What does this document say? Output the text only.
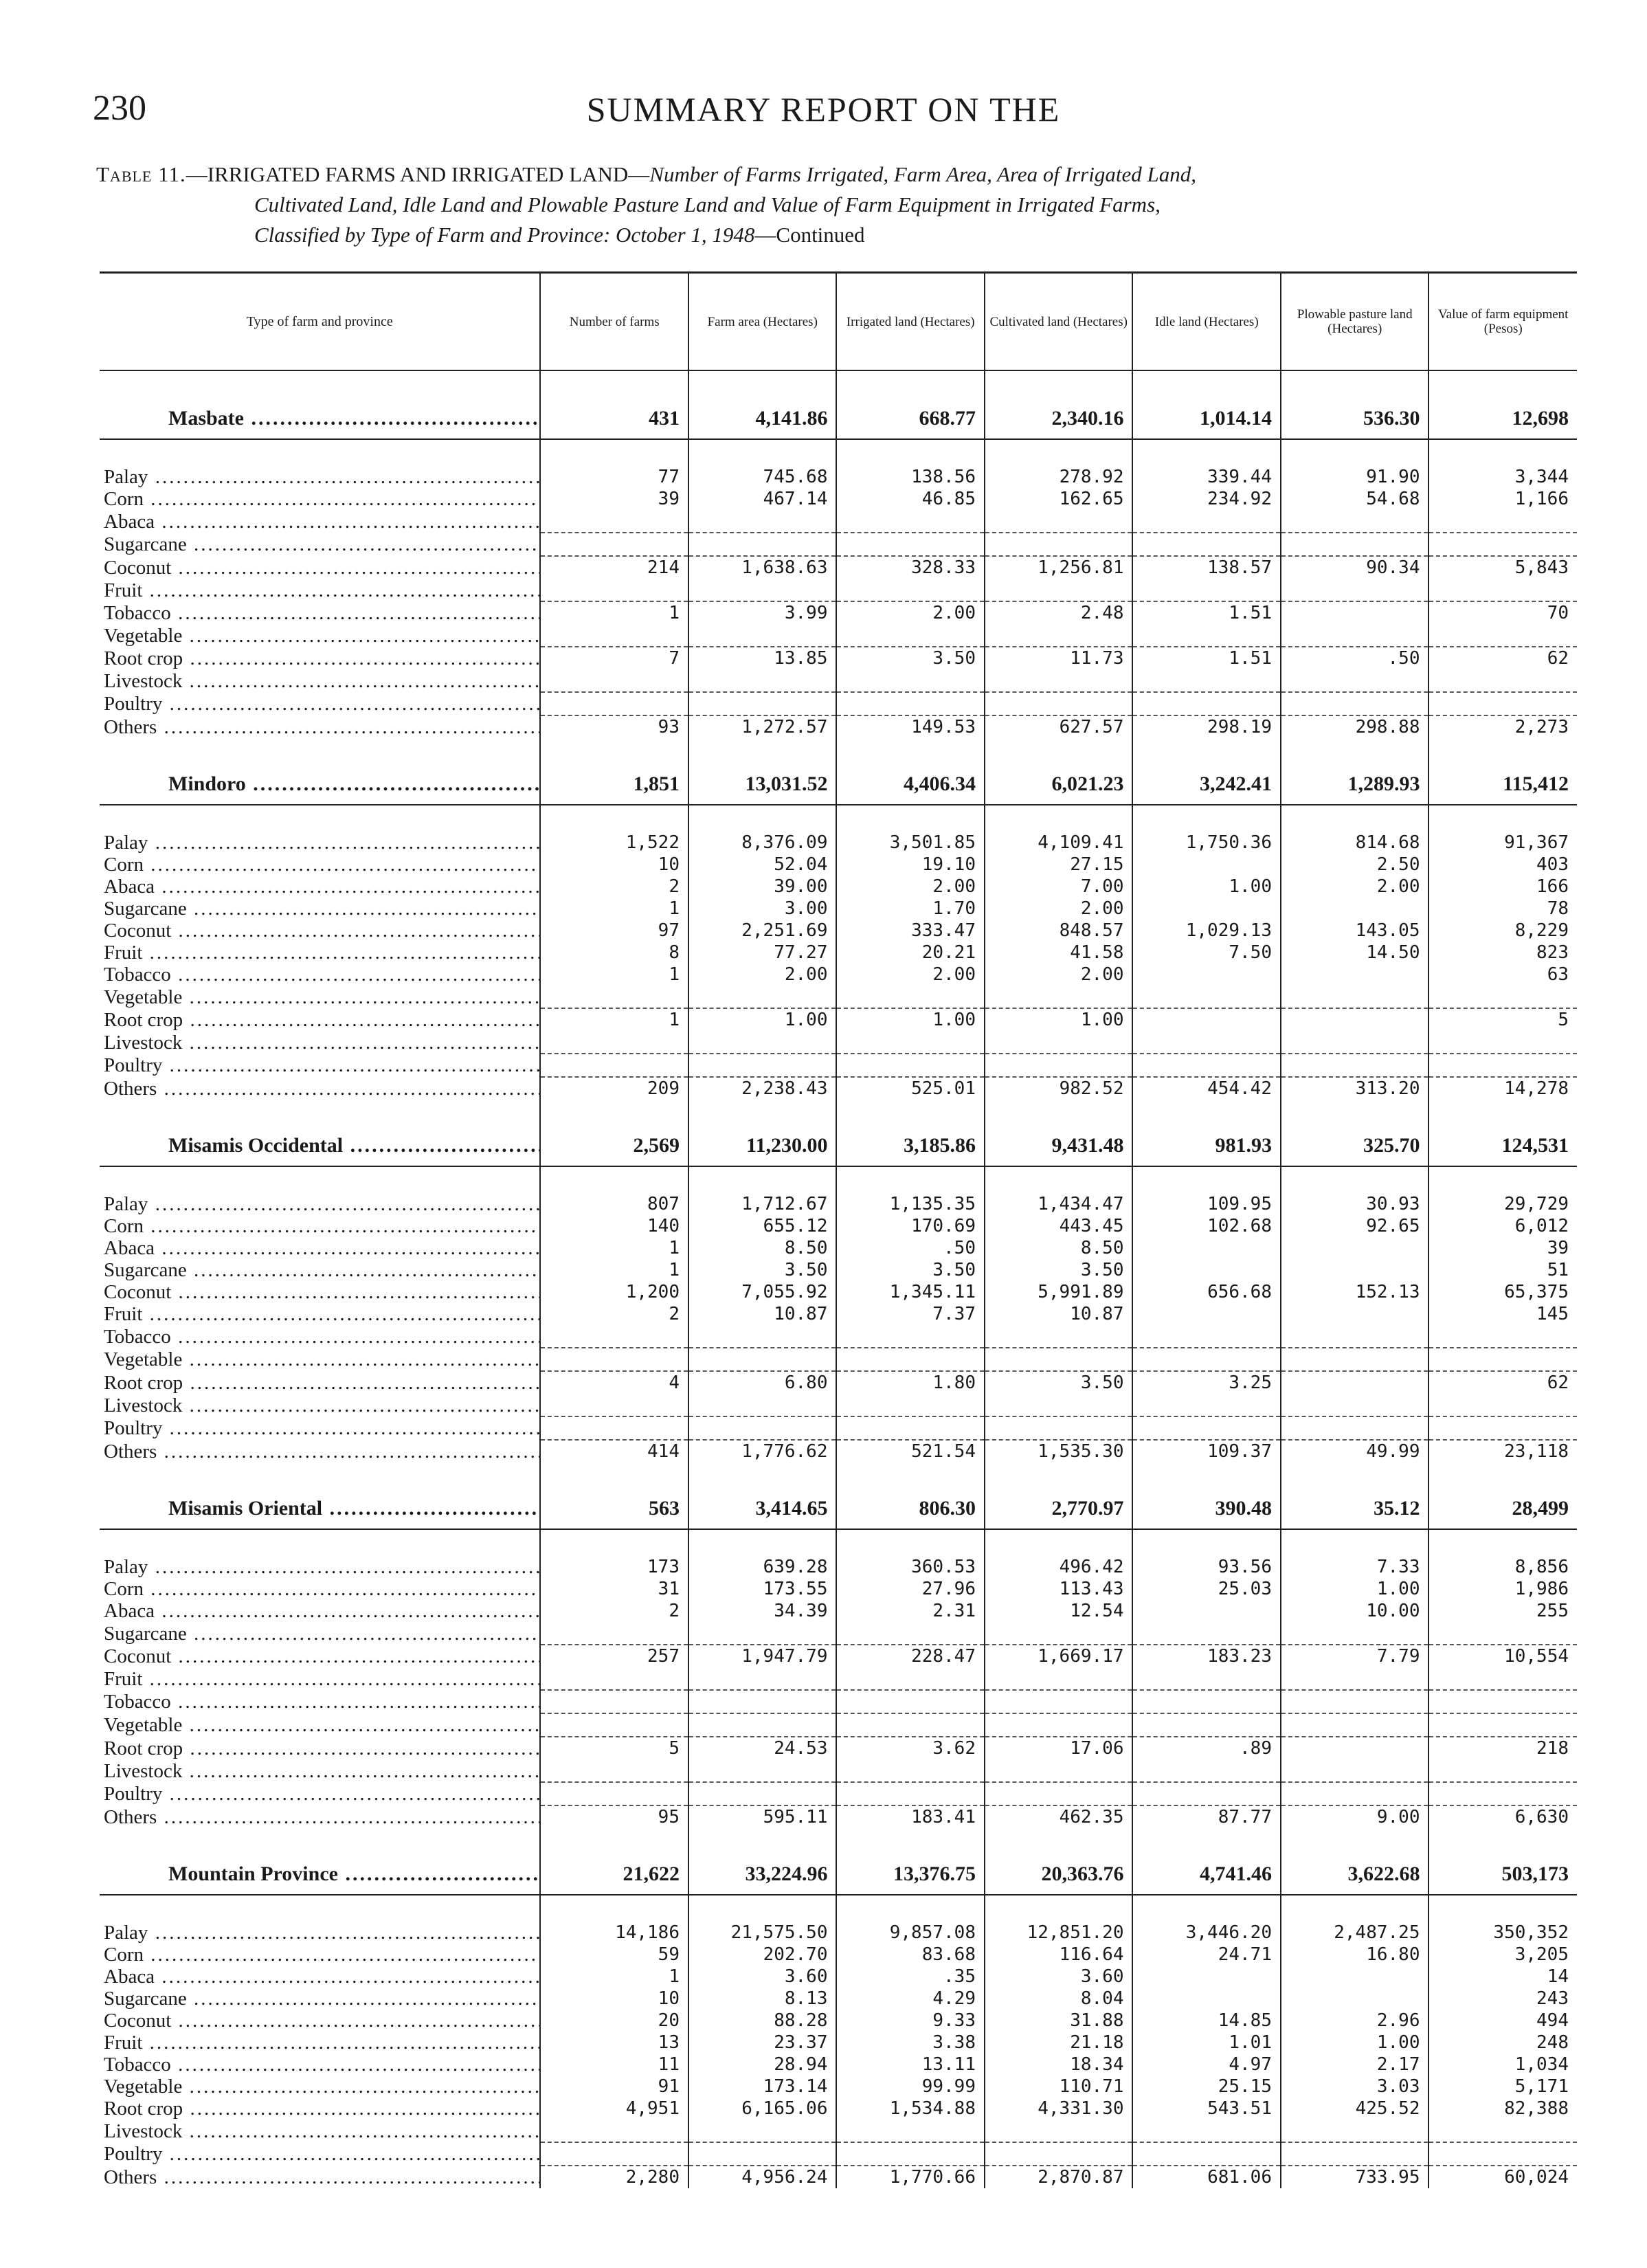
230	SUMMARY REPORT ON THE
Table 11.—IRRIGATED FARMS AND IRRIGATED LAND—Number of Farms Irrigated, Farm Area, Area of Irrigated Land,
Cultivated Land, Idle Land and Plowable Pasture Land and Value of Farm Equipment in Irrigated Farms,
Classified by Type of Farm and Province: October 1, 1948—Continued
Type of farm and province	Number of farms	Farm area (Hectares)	Irrigated land (Hectares)	Cultivated land (Hectares)	Idle land (Hectares)	Plowable pasture land (Hectares)	Value of farm equipment (Pesos)

Masbate .....	431	4,141.86	668.77	2,340.16	1,014.14	536.30	12,698

Palay .....	77	745.68	138.56	278.92	339.44	91.90	3,344
Corn .....	39	467.14	46.85	162.65	234.92	54.68	1,166
Abaca .....							
Sugarcane .....							
Coconut .....	214	1,638.63	328.33	1,256.81	138.57	90.34	5,843
Fruit .....							
Tobacco .....	1	3.99	2.00	2.48	1.51		70
Vegetable .....							
Root crop .....	7	13.85	3.50	11.73	1.51	.50	62
Livestock .....							
Poultry .....							
Others .....	93	1,272.57	149.53	627.57	298.19	298.88	2,273

Mindoro .....	1,851	13,031.52	4,406.34	6,021.23	3,242.41	1,289.93	115,412

Palay .....	1,522	8,376.09	3,501.85	4,109.41	1,750.36	814.68	91,367
Corn .....	10	52.04	19.10	27.15		2.50	403
Abaca .....	2	39.00	2.00	7.00	1.00	2.00	166
Sugarcane .....	1	3.00	1.70	2.00			78
Coconut .....	97	2,251.69	333.47	848.57	1,029.13	143.05	8,229
Fruit .....	8	77.27	20.21	41.58	7.50	14.50	823
Tobacco .....	1	2.00	2.00	2.00			63
Vegetable .....							
Root crop .....	1	1.00	1.00	1.00			5
Livestock .....							
Poultry .....							
Others .....	209	2,238.43	525.01	982.52	454.42	313.20	14,278

Misamis Occidental .....	2,569	11,230.00	3,185.86	9,431.48	981.93	325.70	124,531

Palay .....	807	1,712.67	1,135.35	1,434.47	109.95	30.93	29,729
Corn .....	140	655.12	170.69	443.45	102.68	92.65	6,012
Abaca .....	1	8.50	.50	8.50			39
Sugarcane .....	1	3.50	3.50	3.50			51
Coconut .....	1,200	7,055.92	1,345.11	5,991.89	656.68	152.13	65,375
Fruit .....	2	10.87	7.37	10.87			145
Tobacco .....							
Vegetable .....							
Root crop .....	4	6.80	1.80	3.50	3.25		62
Livestock .....							
Poultry .....							
Others .....	414	1,776.62	521.54	1,535.30	109.37	49.99	23,118

Misamis Oriental .....	563	3,414.65	806.30	2,770.97	390.48	35.12	28,499

Palay .....	173	639.28	360.53	496.42	93.56	7.33	8,856
Corn .....	31	173.55	27.96	113.43	25.03	1.00	1,986
Abaca .....	2	34.39	2.31	12.54		10.00	255
Sugarcane .....							
Coconut .....	257	1,947.79	228.47	1,669.17	183.23	7.79	10,554
Fruit .....							
Tobacco .....							
Vegetable .....							
Root crop .....	5	24.53	3.62	17.06	.89		218
Livestock .....							
Poultry .....							
Others .....	95	595.11	183.41	462.35	87.77	9.00	6,630

Mountain Province .....	21,622	33,224.96	13,376.75	20,363.76	4,741.46	3,622.68	503,173

Palay .....	14,186	21,575.50	9,857.08	12,851.20	3,446.20	2,487.25	350,352
Corn .....	59	202.70	83.68	116.64	24.71	16.80	3,205
Abaca .....	1	3.60	.35	3.60			14
Sugarcane .....	10	8.13	4.29	8.04			243
Coconut .....	20	88.28	9.33	31.88	14.85	2.96	494
Fruit .....	13	23.37	3.38	21.18	1.01	1.00	248
Tobacco .....	11	28.94	13.11	18.34	4.97	2.17	1,034
Vegetable .....	91	173.14	99.99	110.71	25.15	3.03	5,171
Root crop .....	4,951	6,165.06	1,534.88	4,331.30	543.51	425.52	82,388
Livestock .....							
Poultry .....							
Others .....	2,280	4,956.24	1,770.66	2,870.87	681.06	733.95	60,024
